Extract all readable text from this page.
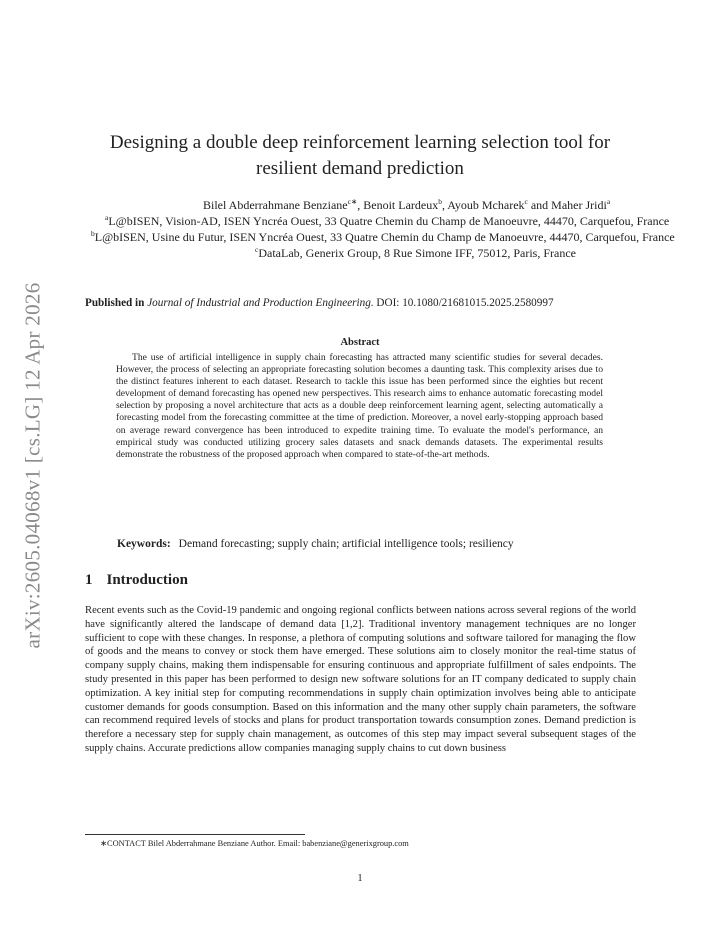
arXiv:2605.04068v1 [cs.LG] 12 Apr 2026
Designing a double deep reinforcement learning selection tool for
resilient demand prediction
Bilel Abderrahmane Benziane$^{c∗}$, Benoit Lardeux$^b$, Ayoub Mcharek$^c$ and Maher Jridi$^a$
$^a$L@bISEN, Vision-AD, ISEN Yncréa Ouest, 33 Quatre Chemin du Champ de Manoeuvre, 44470, Carquefou, France
$^b$L@bISEN, Usine du Futur, ISEN Yncréa Ouest, 33 Quatre Chemin du Champ de Manoeuvre, 44470, Carquefou, France
$^c$DataLab, Generix Group, 8 Rue Simone IFF, 75012, Paris, France
Published in Journal of Industrial and Production Engineering. DOI: 10.1080/21681015.2025.2580997
Abstract
The use of artificial intelligence in supply chain forecasting has attracted many scientific studies for several decades. However, the process of selecting an appropriate forecasting solution becomes a daunting task. This complexity arises due to the distinct features inherent to each dataset. Research to tackle this issue has been performed since the eighties but recent development of demand forecasting has opened new perspectives. This research aims to enhance automatic forecasting model selection by proposing a novel architecture that acts as a double deep reinforcement learning agent, selecting automatically a forecasting model from the forecasting committee at the time of prediction. Moreover, a novel early-stopping approach based on average reward convergence has been introduced to expedite training time. To evaluate the model's performance, an empirical study was conducted utilizing grocery sales datasets and snack demands datasets. The experimental results demonstrate the robustness of the proposed approach when compared to state-of-the-art methods.
Keywords: Demand forecasting; supply chain; artificial intelligence tools; resiliency
1 Introduction
Recent events such as the Covid-19 pandemic and ongoing regional conflicts between nations across several regions of the world have significantly altered the landscape of demand data [1,2]. Traditional inventory management techniques are no longer sufficient to cope with these changes. In response, a plethora of computing solutions and software tailored for managing the flow of goods and the means to convey or stock them have emerged. These solutions aim to closely monitor the real-time status of company supply chains, making them indispensable for ensuring continuous and appropriate fulfillment of sales endpoints. The study presented in this paper has been performed to design new software solutions for an IT company dedicated to supply chain optimization. A key initial step for computing recommendations in supply chain optimization involves being able to anticipate customer demands for goods consumption. Based on this information and the many other supply chain parameters, the software can recommend required levels of stocks and plans for product transportation towards consumption zones. Demand prediction is therefore a necessary step for supply chain management, as outcomes of this step may impact several subsequent stages of the supply chains. Accurate predictions allow companies managing supply chains to cut down business
∗CONTACT Bilel Abderrahmane Benziane Author. Email: babenziane@generixgroup.com
1
